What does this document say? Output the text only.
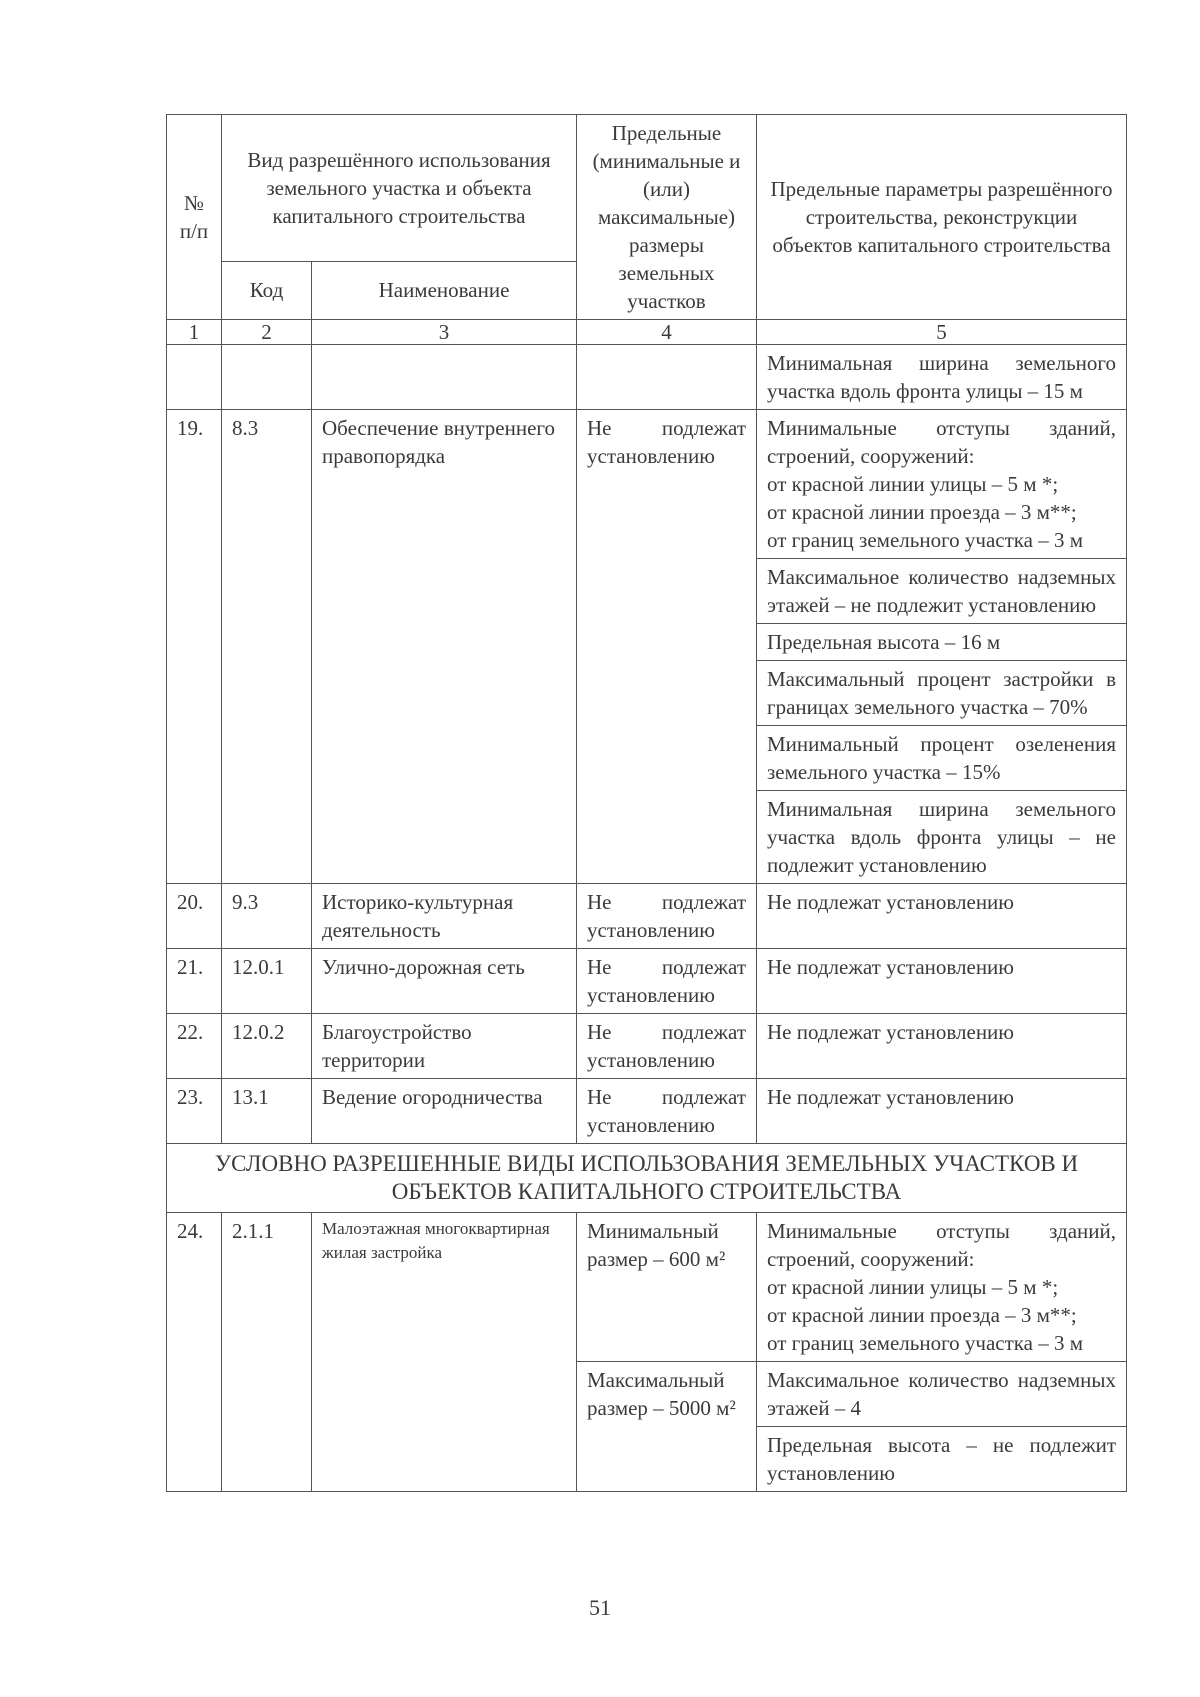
№ п/п	Вид разрешённого использования земельного участка и объекта капитального строительства		Предельные (минимальные и (или) максимальные) размеры земельных участков	Предельные параметры разрешённого строительства, реконструкции объектов капитального строительства
	Код	Наименование		
1	2	3	4	5
				Минимальная ширина земельного участка вдоль фронта улицы – 15 м
19.	8.3	Обеспечение внутреннего правопорядка	Не подлежат установлению	Минимальные отступы зданий, строений, сооружений:
от красной линии улицы – 5 м *;
от красной линии проезда – 3 м**;
от границ земельного участка – 3 м

				Максимальное количество надземных этажей – не подлежит установлению
				Предельная высота – 16 м
				Максимальный процент застройки в границах земельного участка – 70%
				Минимальный процент озеленения земельного участка – 15%
				Минимальная ширина земельного участка вдоль фронта улицы – не подлежит установлению
20.	9.3	Историко-культурная деятельность	Не подлежат установлению	Не подлежат установлению
21.	12.0.1	Улично-дорожная сеть	Не подлежат установлению	Не подлежат установлению
22.	12.0.2	Благоустройство территории	Не подлежат установлению	Не подлежат установлению
23.	13.1	Ведение огородничества	Не подлежат установлению	Не подлежат установлению
УСЛОВНО РАЗРЕШЕННЫЕ ВИДЫ ИСПОЛЬЗОВАНИЯ ЗЕМЕЛЬНЫХ УЧАСТКОВ И ОБЪЕКТОВ КАПИТАЛЬНОГО СТРОИТЕЛЬСТВА				
24.	2.1.1	Малоэтажная многоквартирная жилая застройка	Минимальный размер – 600 м²	Минимальные отступы зданий, строений, сооружений:
от красной линии улицы – 5 м *;
от красной линии проезда – 3 м**;
от границ земельного участка – 3 м

			Максимальный размер – 5000 м²	Максимальное количество надземных этажей – 4
				Предельная высота – не подлежит установлению
51
